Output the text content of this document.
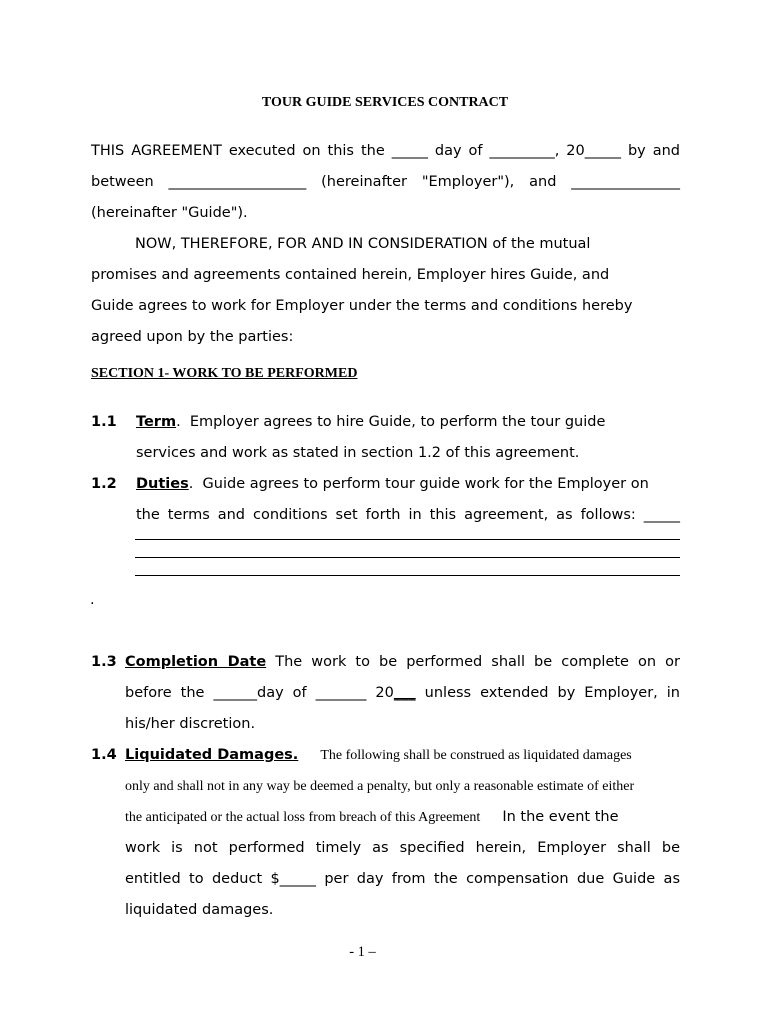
TOUR GUIDE SERVICES CONTRACT
THIS AGREEMENT executed on this the _____ day of _________, 20_____ by and
between ___________________ (hereinafter "Employer"), and _______________
(hereinafter "Guide").
NOW, THEREFORE, FOR AND IN CONSIDERATION of the mutual
promises and agreements contained herein, Employer hires Guide, and
Guide agrees to work for Employer under the terms and conditions hereby
agreed upon by the parties:
SECTION 1- WORK TO BE PERFORMED
1.1 Term.  Employer agrees to hire Guide, to perform the tour guide
services and work as stated in section 1.2 of this agreement.
1.2 Duties.  Guide agrees to perform tour guide work for the Employer on
the terms and conditions set forth in this agreement, as follows: _____
.
1.3 Completion Date The work to be performed shall be complete on or
before the ______day of _______ 20___ unless extended by Employer, in
his/her discretion.
1.4 Liquidated Damages. The following shall be construed as liquidated damages
only and shall not in any way be deemed a penalty, but only a reasonable estimate of either
the anticipated or the actual loss from breach of this Agreement In the event the
work is not performed timely as specified herein, Employer shall be
entitled to deduct $_____ per day from the compensation due Guide as
liquidated damages.
- 1 –
